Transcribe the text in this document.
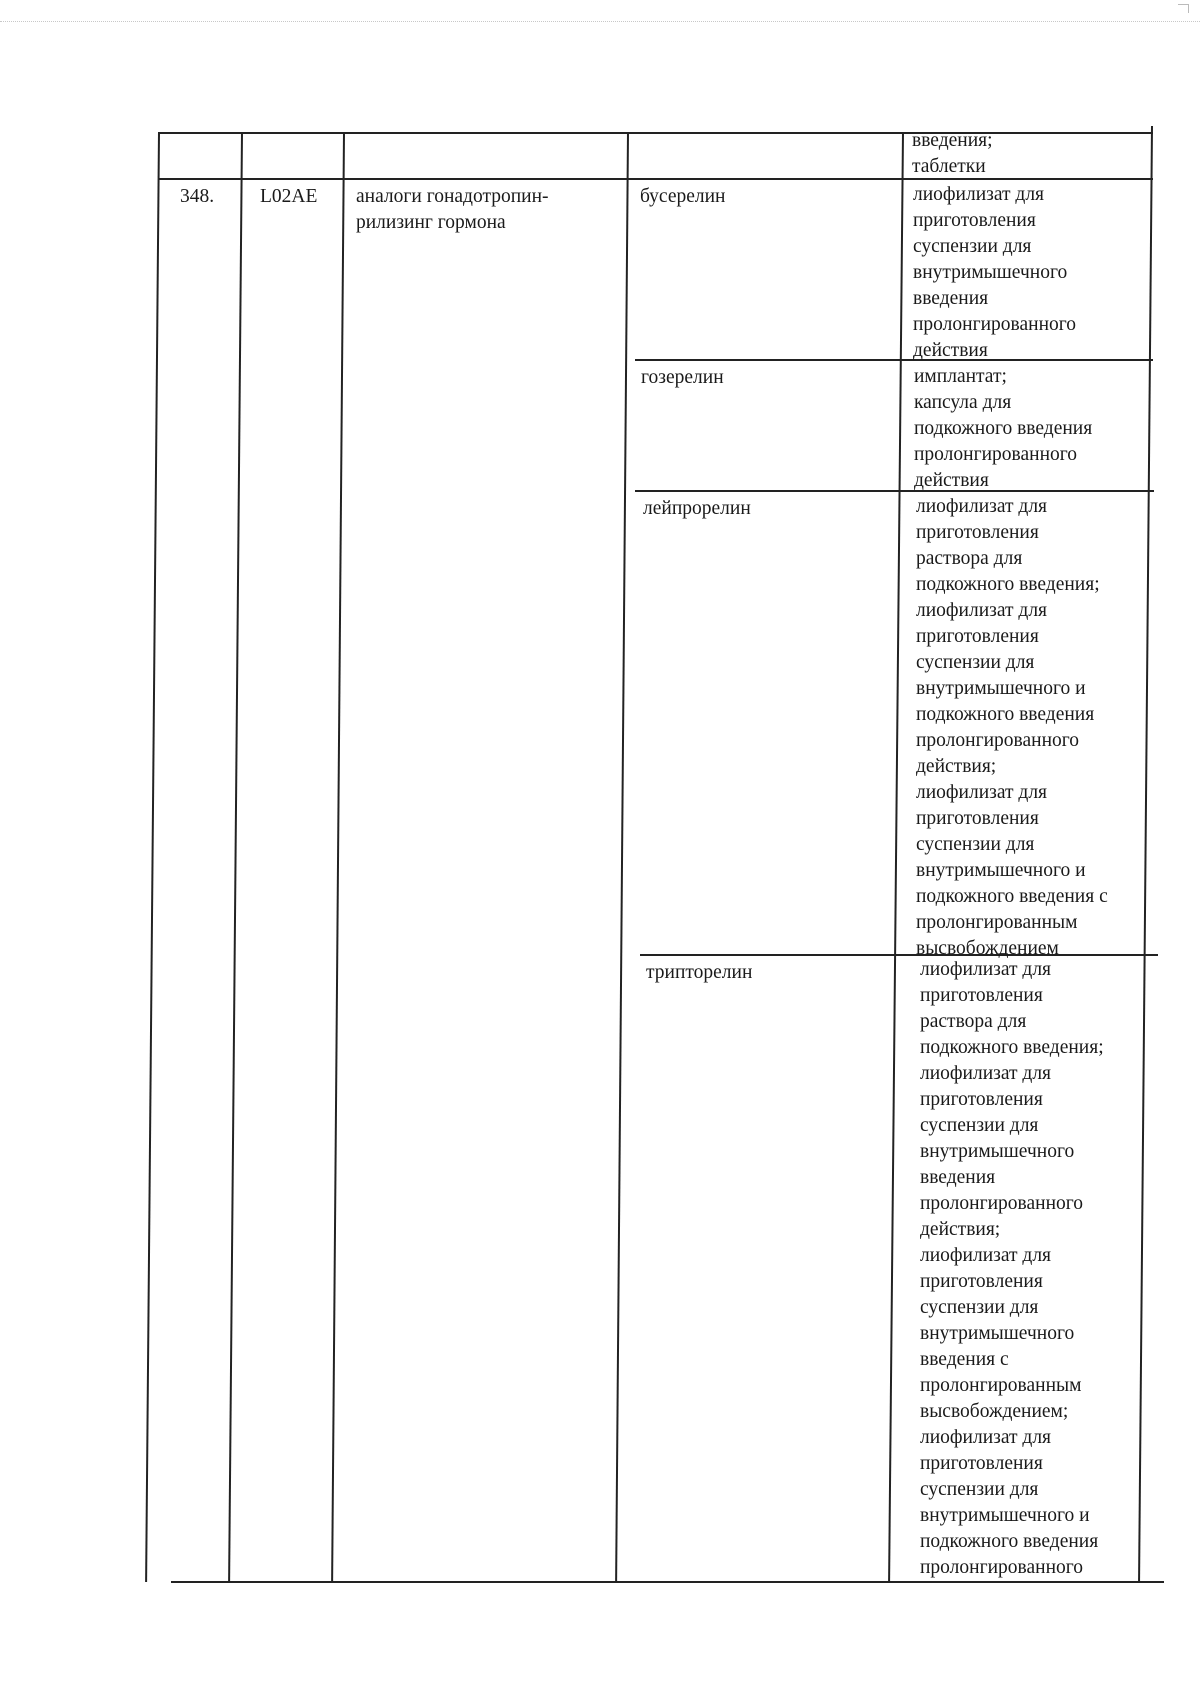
введения;
таблетки
348. L02AE аналоги гонадотропин-
рилизинг гормона
бусерелин	лиофилизат для
приготовления
суспензии для
внутримышечного
введения
пролонгированного
действия
гозерелин	имплантат;
капсула для
подкожного введения
пролонгированного
действия
лейпрорелин	лиофилизат для
приготовления
раствора для
подкожного введения;
лиофилизат для
приготовления
суспензии для
внутримышечного и
подкожного введения
пролонгированного
действия;
лиофилизат для
приготовления
суспензии для
внутримышечного и
подкожного введения с
пролонгированным
высвобождением
трипторелин	лиофилизат для
приготовления
раствора для
подкожного введения;
лиофилизат для
приготовления
суспензии для
внутримышечного
введения
пролонгированного
действия;
лиофилизат для
приготовления
суспензии для
внутримышечного
введения с
пролонгированным
высвобождением;
лиофилизат для
приготовления
суспензии для
внутримышечного и
подкожного введения
пролонгированного
